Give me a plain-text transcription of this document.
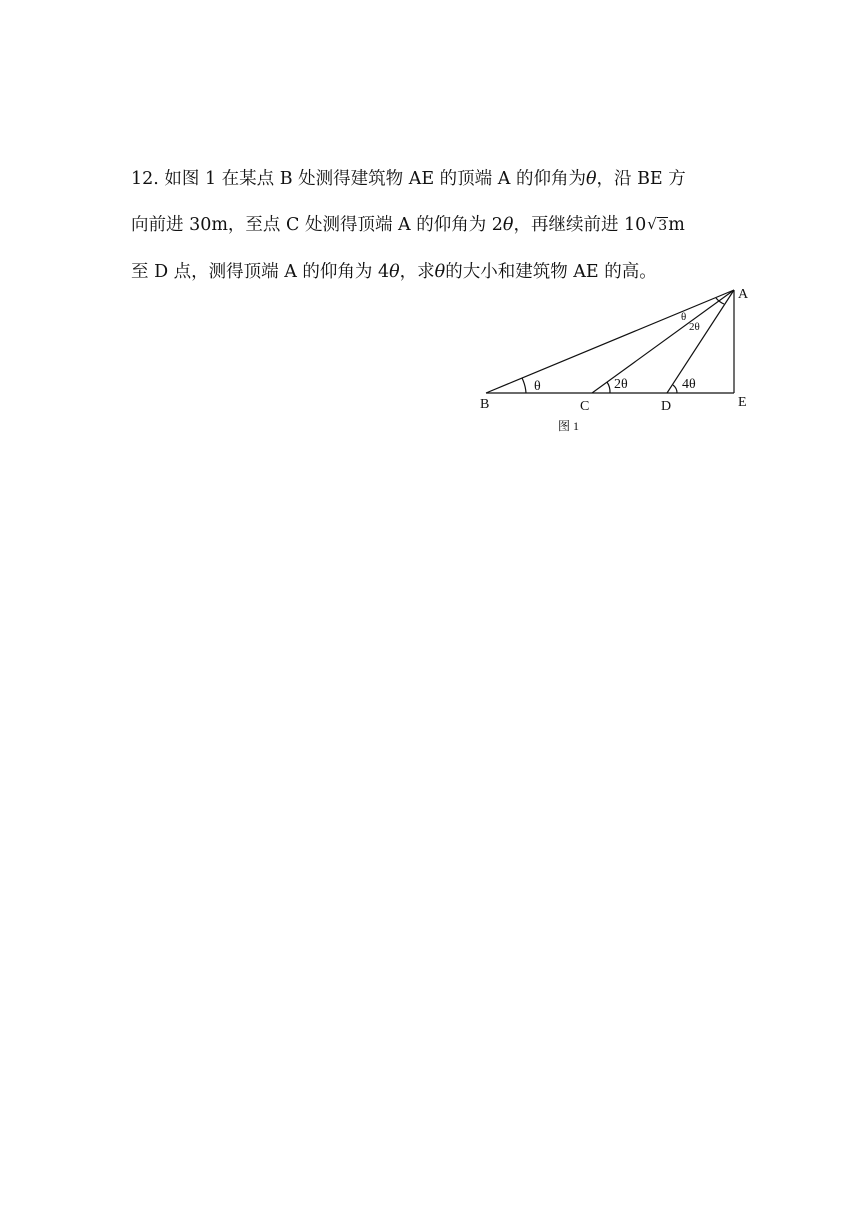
12. 如图 1 在某点 B 处测得建筑物 AE 的顶端 A 的仰角为θ，沿 BE 方
向前进 30m，至点 C 处测得顶端 A 的仰角为 2θ，再继续前进 10√ 3m
至 D 点，测得顶端 A 的仰角为 4θ，求θ的大小和建筑物 AE 的高。
A
B	C	D	E
θ	2θ	4θ
θ
2θ
图 1
